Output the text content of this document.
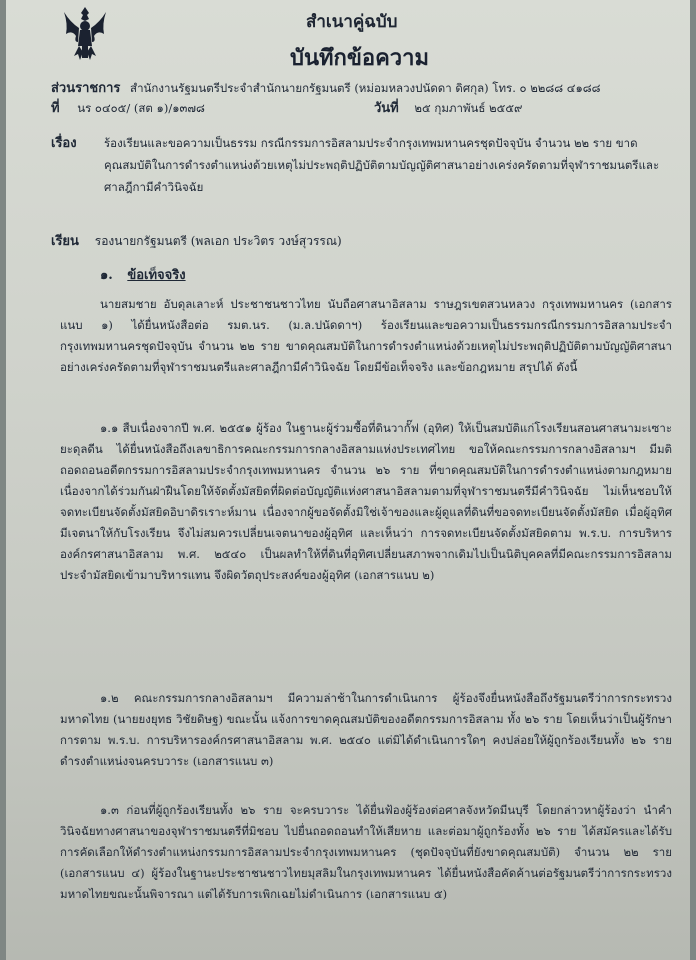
สำเนาคู่ฉบับ
บันทึกข้อความ
ส่วนราชการ สำนักงานรัฐมนตรีประจำสำนักนายกรัฐมนตรี (หม่อมหลวงปนัดดา ดิศกุล) โทร. ๐ ๒๒๘๘ ๔๑๘๘
ที่ นร ๐๔๐๕/ (สต ๑)/๑๓๗๘	วันที่ ๒๕ กุมภาพันธ์ ๒๕๕๙
เรื่อง ร้องเรียนและขอความเป็นธรรม กรณีกรรมการอิสลามประจำกรุงเทพมหานครชุดปัจจุบัน จำนวน ๒๒ ราย ขาดคุณสมบัติในการดำรงตำแหน่งด้วยเหตุไม่ประพฤติปฏิบัติตามบัญญัติศาสนาอย่างเคร่งครัดตามที่จุฬาราชมนตรีและศาลฎีกามีคำวินิจฉัย
เรียน รองนายกรัฐมนตรี (พลเอก ประวิตร วงษ์สุวรรณ)
๑. ข้อเท็จจริง

นายสมชาย อับดุลเลาะห์ ประชาชนชาวไทย นับถือศาสนาอิสลาม ราษฎรเขตสวนหลวง กรุงเทพมหานคร (เอกสารแนบ ๑) ได้ยื่นหนังสือต่อ รมต.นร. (ม.ล.ปนัดดาฯ) ร้องเรียนและขอความเป็นธรรมกรณีกรรมการอิสลามประจำกรุงเทพมหานครชุดปัจจุบัน จำนวน ๒๒ ราย ขาดคุณสมบัติในการดำรงตำแหน่งด้วยเหตุไม่ประพฤติปฏิบัติตามบัญญัติศาสนาอย่างเคร่งครัดตามที่จุฬาราชมนตรีและศาลฎีกามีคำวินิจฉัย โดยมีข้อเท็จจริง และข้อกฎหมาย สรุปได้ ดังนี้

๑.๑ สืบเนื่องจากปี พ.ศ. ๒๕๕๑ ผู้ร้อง ในฐานะผู้ร่วมซื้อที่ดินวากั๊ฟ (อุทิศ) ให้เป็นสมบัติแก่โรงเรียนสอนศาสนามะเซาะยะดุลดีน ได้ยื่นหนังสือถึงเลขาธิการคณะกรรมการกลางอิสลามแห่งประเทศไทย ขอให้คณะกรรมการกลางอิสลามฯ มีมติถอดถอนอดีตกรรมการอิสลามประจำกรุงเทพมหานคร จำนวน ๒๖ ราย ที่ขาดคุณสมบัติในการดำรงตำแหน่งตามกฎหมายเนื่องจากได้ร่วมกันฝ่าฝืนโดยให้จัดตั้งมัสยิดที่ผิดต่อบัญญัติแห่งศาสนาอิสลามตามที่จุฬาราชมนตรีมีคำวินิจฉัย ไม่เห็นชอบให้จดทะเบียนจัดตั้งมัสยิดอิบาดิรเราะห์มาน เนื่องจากผู้ขอจัดตั้งมิใช่เจ้าของและผู้ดูแลที่ดินที่ขอจดทะเบียนจัดตั้งมัสยิด เมื่อผู้อุทิศมีเจตนาให้กับโรงเรียน จึงไม่สมควรเปลี่ยนเจตนาของผู้อุทิศ และเห็นว่า การจดทะเบียนจัดตั้งมัสยิดตาม พ.ร.บ. การบริหารองค์กรศาสนาอิสลาม พ.ศ. ๒๕๔๐ เป็นผลทำให้ที่ดินที่อุทิศเปลี่ยนสภาพจากเดิมไปเป็นนิติบุคคลที่มีคณะกรรมการอิสลามประจำมัสยิดเข้ามาบริหารแทน จึงผิดวัตถุประสงค์ของผู้อุทิศ (เอกสารแนบ ๒)

๑.๒ คณะกรรมการกลางอิสลามฯ มีความล่าช้าในการดำเนินการ ผู้ร้องจึงยื่นหนังสือถึงรัฐมนตรีว่าการกระทรวงมหาดไทย (นายยงยุทธ วิชัยดิษฐ) ขณะนั้น แจ้งการขาดคุณสมบัติของอดีตกรรมการอิสลาม ทั้ง ๒๖ ราย โดยเห็นว่าเป็นผู้รักษาการตาม พ.ร.บ. การบริหารองค์กรศาสนาอิสลาม พ.ศ. ๒๕๔๐ แต่มิได้ดำเนินการใดๆ คงปล่อยให้ผู้ถูกร้องเรียนทั้ง ๒๖ ราย ดำรงตำแหน่งจนครบวาระ (เอกสารแนบ ๓)

๑.๓ ก่อนที่ผู้ถูกร้องเรียนทั้ง ๒๖ ราย จะครบวาระ ได้ยื่นฟ้องผู้ร้องต่อศาลจังหวัดมีนบุรี โดยกล่าวหาผู้ร้องว่า นำคำวินิจฉัยทางศาสนาของจุฬาราชมนตรีที่มิชอบ ไปยื่นถอดถอนทำให้เสียหาย และต่อมาผู้ถูกร้องทั้ง ๒๖ ราย ได้สมัครและได้รับการคัดเลือกให้ดำรงตำแหน่งกรรมการอิสลามประจำกรุงเทพมหานคร (ชุดปัจจุบันที่ยังขาดคุณสมบัติ) จำนวน ๒๒ ราย (เอกสารแนบ ๔) ผู้ร้องในฐานะประชาชนชาวไทยมุสลิมในกรุงเทพมหานคร ได้ยื่นหนังสือคัดค้านต่อรัฐมนตรีว่าการกระทรวงมหาดไทยขณะนั้นพิจารณา แต่ได้รับการเพิกเฉยไม่ดำเนินการ (เอกสารแนบ ๕)
